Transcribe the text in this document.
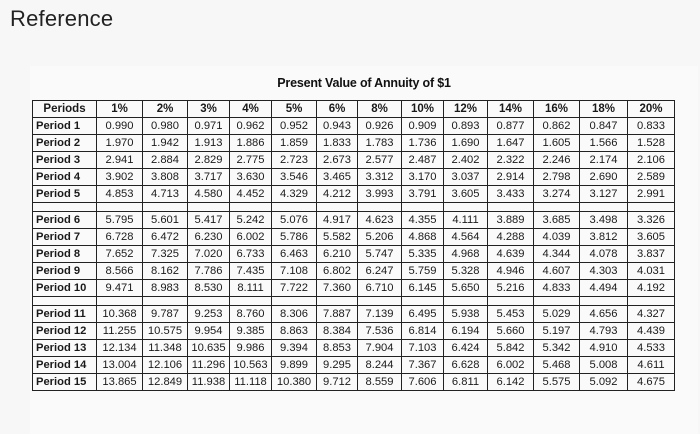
Reference
Present Value of Annuity of $1
Periods	1%	2%	3%	4%	5%	6%	8%	10%	12%	14%	16%	18%	20%
Period 1	0.990	0.980	0.971	0.962	0.952	0.943	0.926	0.909	0.893	0.877	0.862	0.847	0.833
Period 2	1.970	1.942	1.913	1.886	1.859	1.833	1.783	1.736	1.690	1.647	1.605	1.566	1.528
Period 3	2.941	2.884	2.829	2.775	2.723	2.673	2.577	2.487	2.402	2.322	2.246	2.174	2.106
Period 4	3.902	3.808	3.717	3.630	3.546	3.465	3.312	3.170	3.037	2.914	2.798	2.690	2.589
Period 5	4.853	4.713	4.580	4.452	4.329	4.212	3.993	3.791	3.605	3.433	3.274	3.127	2.991

Period 6	5.795	5.601	5.417	5.242	5.076	4.917	4.623	4.355	4.111	3.889	3.685	3.498	3.326
Period 7	6.728	6.472	6.230	6.002	5.786	5.582	5.206	4.868	4.564	4.288	4.039	3.812	3.605
Period 8	7.652	7.325	7.020	6.733	6.463	6.210	5.747	5.335	4.968	4.639	4.344	4.078	3.837
Period 9	8.566	8.162	7.786	7.435	7.108	6.802	6.247	5.759	5.328	4.946	4.607	4.303	4.031
Period 10	9.471	8.983	8.530	8.111	7.722	7.360	6.710	6.145	5.650	5.216	4.833	4.494	4.192

Period 11	10.368	9.787	9.253	8.760	8.306	7.887	7.139	6.495	5.938	5.453	5.029	4.656	4.327
Period 12	11.255	10.575	9.954	9.385	8.863	8.384	7.536	6.814	6.194	5.660	5.197	4.793	4.439
Period 13	12.134	11.348	10.635	9.986	9.394	8.853	7.904	7.103	6.424	5.842	5.342	4.910	4.533
Period 14	13.004	12.106	11.296	10.563	9.899	9.295	8.244	7.367	6.628	6.002	5.468	5.008	4.611
Period 15	13.865	12.849	11.938	11.118	10.380	9.712	8.559	7.606	6.811	6.142	5.575	5.092	4.675
